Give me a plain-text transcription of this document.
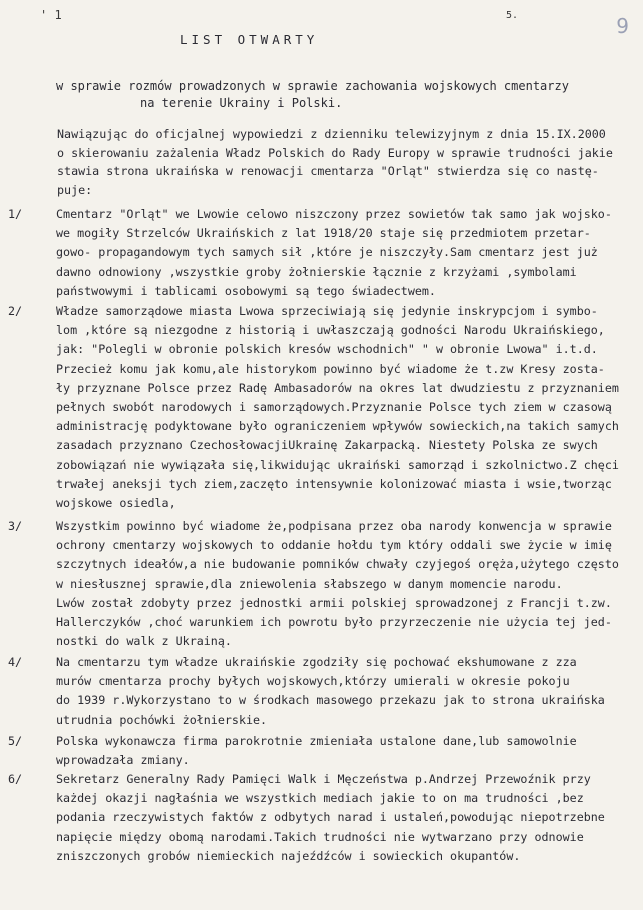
' 1	5.	9
LIST OTWARTY
w sprawie rozmów prowadzonych w sprawie zachowania wojskowych cmentarzy
na terenie Ukrainy i Polski.
Nawiązując do oficjalnej wypowiedzi z dzienniku telewizyjnym z dnia 15.IX.2000
o skierowaniu zażalenia Władz Polskich do Rady Europy w sprawie trudności jakie
stawia strona ukraińska w renowacji cmentarza "Orląt" stwierdza się co nastę-
puje:
1/	Cmentarz "Orląt" we Lwowie celowo niszczony przez sowietów tak samo jak wojsko-
we mogiły Strzelców Ukraińskich z lat 1918/20 staje się przedmiotem przetar-
gowo- propagandowym tych samych sił ,które je niszczyły.Sam cmentarz jest już
dawno odnowiony ,wszystkie groby żołnierskie łącznie z krzyżami ,symbolami
państwowymi i tablicami osobowymi są tego świadectwem.
2/	Władze samorządowe miasta Lwowa sprzeciwiają się jedynie inskrypcjom i symbo-
lom ,które są niezgodne z historią i uwłaszczają godności Narodu Ukraińskiego,
jak: "Polegli w obronie polskich kresów wschodnich" " w obronie Lwowa" i.t.d.
Przecież komu jak komu,ale historykom powinno być wiadome że t.zw Kresy zosta-
ły przyznane Polsce przez Radę Ambasadorów na okres lat dwudziestu z przyznaniem
pełnych swobót narodowych i samorządowych.Przyznanie Polsce tych ziem w czasową
administrację podyktowane było ograniczeniem wpływów sowieckich,na takich samych
zasadach przyznano CzechosłowacjiUkrainę Zakarpacką. Niestety Polska ze swych
zobowiązań nie wywiązała się,likwidując ukraiński samorząd i szkolnictwo.Z chęci
trwałej aneksji tych ziem,zaczęto intensywnie kolonizować miasta i wsie,tworząc
wojskowe osiedla,
3/	Wszystkim powinno być wiadome że,podpisana przez oba narody konwencja w sprawie
ochrony cmentarzy wojskowych to oddanie hołdu tym który oddali swe życie w imię
szczytnych ideałów,a nie budowanie pomników chwały czyjegoś oręża,użytego często
w niesłusznej sprawie,dla zniewolenia słabszego w danym momencie narodu.
Lwów został zdobyty przez jednostki armii polskiej sprowadzonej z Francji t.zw.
Hallerczyków ,choć warunkiem ich powrotu było przyrzeczenie nie użycia tej jed-
nostki do walk z Ukrainą.
4/	Na cmentarzu tym władze ukraińskie zgodziły się pochować ekshumowane z zza
murów cmentarza prochy byłych wojskowych,którzy umierali w okresie pokoju
do 1939 r.Wykorzystano to w środkach masowego przekazu jak to strona ukraińska
utrudnia pochówki żołnierskie.
5/	Polska wykonawcza firma parokrotnie zmieniała ustalone dane,lub samowolnie
wprowadzała zmiany.
6/	Sekretarz Generalny Rady Pamięci Walk i Męczeństwa p.Andrzej Przewoźnik przy
każdej okazji nagłaśnia we wszystkich mediach jakie to on ma trudności ,bez
podania rzeczywistych faktów z odbytych narad i ustaleń,powodując niepotrzebne
napięcie między obomą narodami.Takich trudności nie wytwarzano przy odnowie
zniszczonych grobów niemieckich najeźdźców i sowieckich okupantów.
